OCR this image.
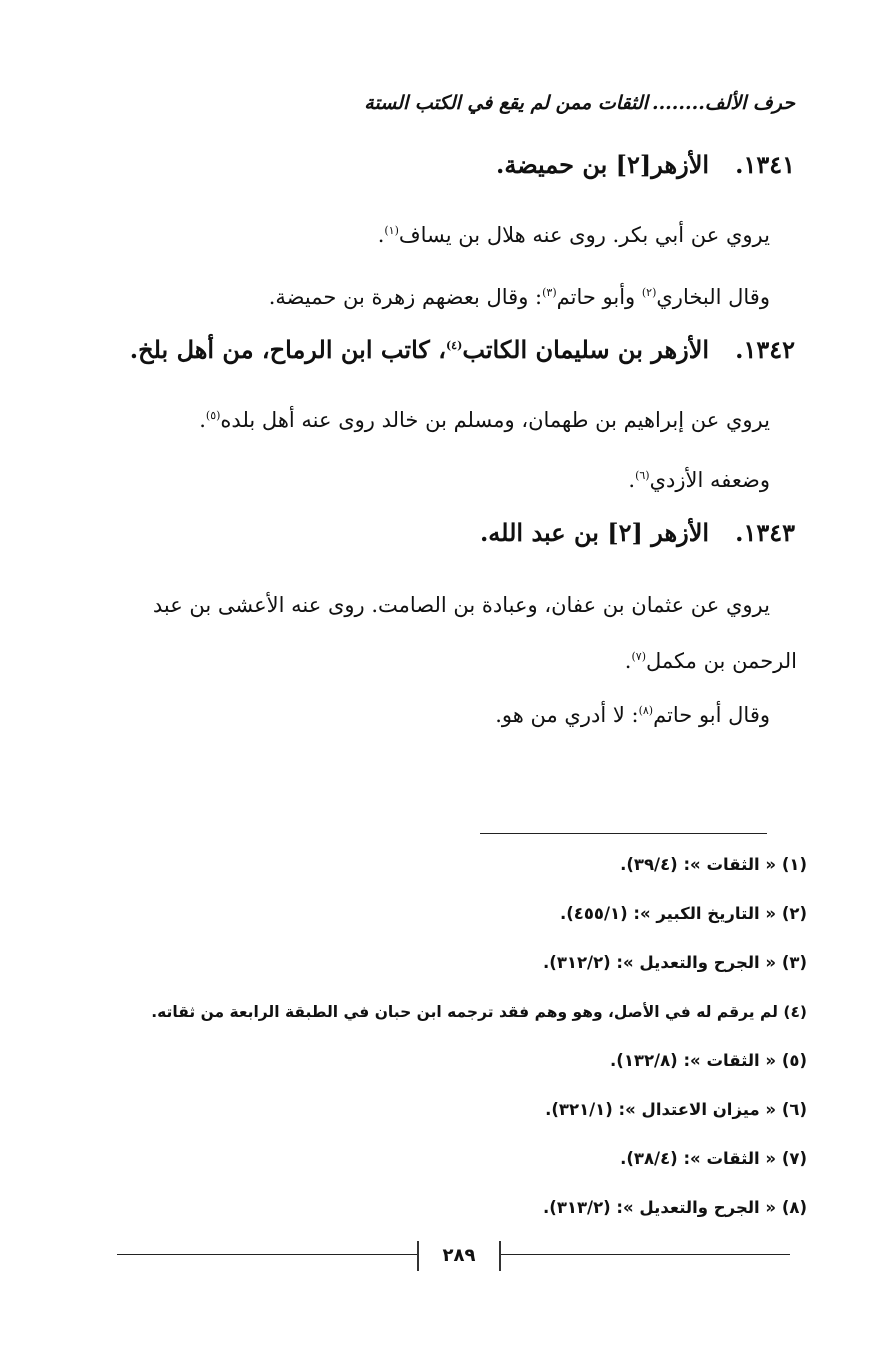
حرف الألف........الثقات ممن لم يقع في الكتب الستة
١٣٤١.الأزهر[٢] بن حميضة.
يروي عن أبي بكر. روى عنه هلال بن يساف$^{(١)}$.
وقال البخاري$^{(٢)}$ وأبو حاتم$^{(٣)}$: وقال بعضهم زهرة بن حميضة.
١٣٤٢.الأزهر بن سليمان الكاتب$^{(٤)}$، كاتب ابن الرماح، من أهل بلخ.
يروي عن إبراهيم بن طهمان، ومسلم بن خالد روى عنه أهل بلده$^{(٥)}$.
وضعفه الأزدي$^{(٦)}$.
١٣٤٣.الأزهر [٢] بن عبد الله.
يروي عن عثمان بن عفان، وعبادة بن الصامت. روى عنه الأعشى بن عبد
الرحمن بن مكمل$^{(٧)}$.
وقال أبو حاتم$^{(٨)}$: لا أدري من هو.
(١) « الثقات »: (٣٩/٤).
(٢) « التاريخ الكبير »: (٤٥٥/١).
(٣) « الجرح والتعديل »: (٣١٢/٢).
(٤) لم يرقم له في الأصل، وهو وهم فقد ترجمه ابن حبان في الطبقة الرابعة من ثقاته.
(٥) « الثقات »: (١٣٢/٨).
(٦) « ميزان الاعتدال »: (٣٢١/١).
(٧) « الثقات »: (٣٨/٤).
(٨) « الجرح والتعديل »: (٣١٣/٢).
٢٨٩
